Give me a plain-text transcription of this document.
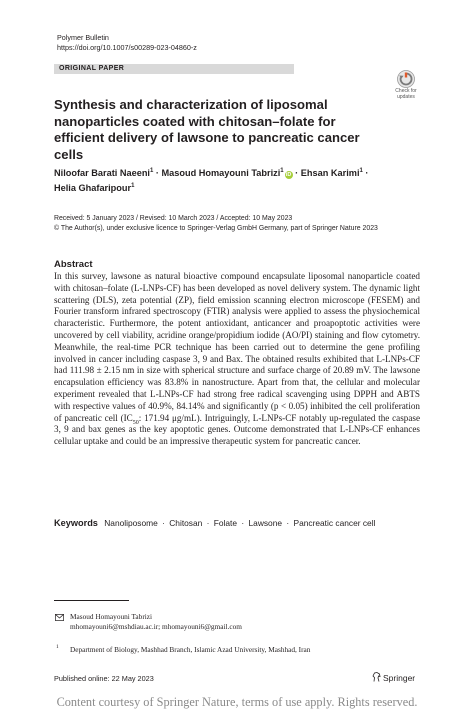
Polymer Bulletin
https://doi.org/10.1007/s00289-023-04860-z
ORIGINAL PAPER
Check for
updates
Synthesis and characterization of liposomal nanoparticles coated with chitosan–folate for efficient delivery of lawsone to pancreatic cancer cells
Niloofar Barati Naeeni$^1$ · Masoud Homayouni Tabrizi$^1$iD · Ehsan Karimi$^1$ ·
Helia Ghafaripour$^1$
Received: 5 January 2023 / Revised: 10 March 2023 / Accepted: 10 May 2023
© The Author(s), under exclusive licence to Springer-Verlag GmbH Germany, part of Springer Nature 2023
Abstract
In this survey, lawsone as natural bioactive compound encapsulate liposomal nanoparticle coated with chitosan–folate (L-LNPs-CF) has been developed as novel delivery system. The dynamic light scattering (DLS), zeta potential (ZP), field emission scanning electron microscope (FESEM) and Fourier transform infrared spectroscopy (FTIR) analysis were applied to assess the physiochemical characteristic. Furthermore, the potent antioxidant, anticancer and proapoptotic activities were uncovered by cell viability, acridine orange/propidium iodide (AO/PI) staining and flow cytometry. Meanwhile, the real-time PCR technique has been carried out to determine the gene profiling involved in cancer including caspase 3, 9 and Bax. The obtained results exhibited that L-LNPs-CF had 111.98 ± 2.15 nm in size with spherical structure and surface charge of 20.89 mV. The lawsone encapsulation efficiency was 83.8% in nanostructure. Apart from that, the cellular and molecular experiment revealed that L-LNPs-CF had strong free radical scavenging using DPPH and ABTS with respective values of 40.9%, 84.14% and significantly (p < 0.05) inhibited the cell proliferation of pancreatic cell ($IC_{50}$: 171.94 μg/mL). Intriguingly, L-LNPs-CF notably up-regulated the caspase 3, 9 and bax genes as the key apoptotic genes. Outcome demonstrated that L-LNPs-CF enhances cellular uptake and could be an impressive therapeutic system for pancreatic cancer.
Keywords Nanoliposome · Chitosan · Folate · Lawsone · Pancreatic cancer cell
Masoud Homayouni Tabrizi
mhomayouni6@mshdiau.ac.ir; mhomayouni6@gmail.com
1 Department of Biology, Mashhad Branch, Islamic Azad University, Mashhad, Iran
Published online: 22 May 2023	Springer
Content courtesy of Springer Nature, terms of use apply. Rights reserved.
